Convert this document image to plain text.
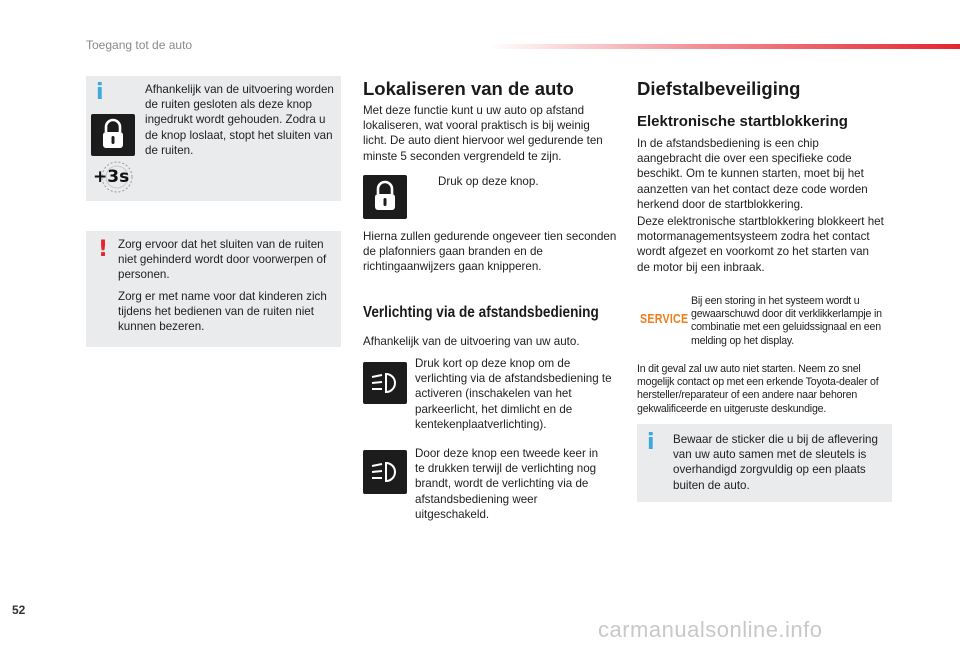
Toegang tot de auto
i
+3s
Afhankelijk van de uitvoering worden de ruiten gesloten als deze knop ingedrukt wordt gehouden. Zodra u de knop loslaat, stopt het sluiten van de ruiten.
! Zorg ervoor dat het sluiten van de ruiten niet gehinderd wordt door voorwerpen of personen.
Zorg er met name voor dat kinderen zich tijdens het bedienen van de ruiten niet kunnen bezeren.
Lokaliseren van de auto
Met deze functie kunt u uw auto op afstand lokaliseren, wat vooral praktisch is bij weinig licht. De auto dient hiervoor wel gedurende ten minste 5 seconden vergrendeld te zijn.
Druk op deze knop.
Hierna zullen gedurende ongeveer tien seconden de plafonniers gaan branden en de richtingaanwijzers gaan knipperen.
Verlichting via de afstandsbediening
Afhankelijk van de uitvoering van uw auto.
Druk kort op deze knop om de verlichting via de afstandsbediening te activeren (inschakelen van het parkeerlicht, het dimlicht en de kentekenplaatverlichting).
Door deze knop een tweede keer in te drukken terwijl de verlichting nog brandt, wordt de verlichting via de afstandsbediening weer uitgeschakeld.
Diefstalbeveiliging
Elektronische startblokkering
In de afstandsbediening is een chip aangebracht die over een specifieke code beschikt. Om te kunnen starten, moet bij het aanzetten van het contact deze code worden herkend door de startblokkering.
Deze elektronische startblokkering blokkeert het motormanagementsysteem zodra het contact wordt afgezet en voorkomt zo het starten van de motor bij een inbraak.
SERVICE
Bij een storing in het systeem wordt u gewaarschuwd door dit verklikkerlampje in combinatie met een geluidssignaal en een melding op het display.
In dit geval zal uw auto niet starten. Neem zo snel mogelijk contact op met een erkende Toyota-dealer of hersteller/reparateur of een andere naar behoren gekwalificeerde en uitgeruste deskundige.
i Bewaar de sticker die u bij de aflevering van uw auto samen met de sleutels is overhandigd zorgvuldig op een plaats buiten de auto.
52
carmanualsonline.info
